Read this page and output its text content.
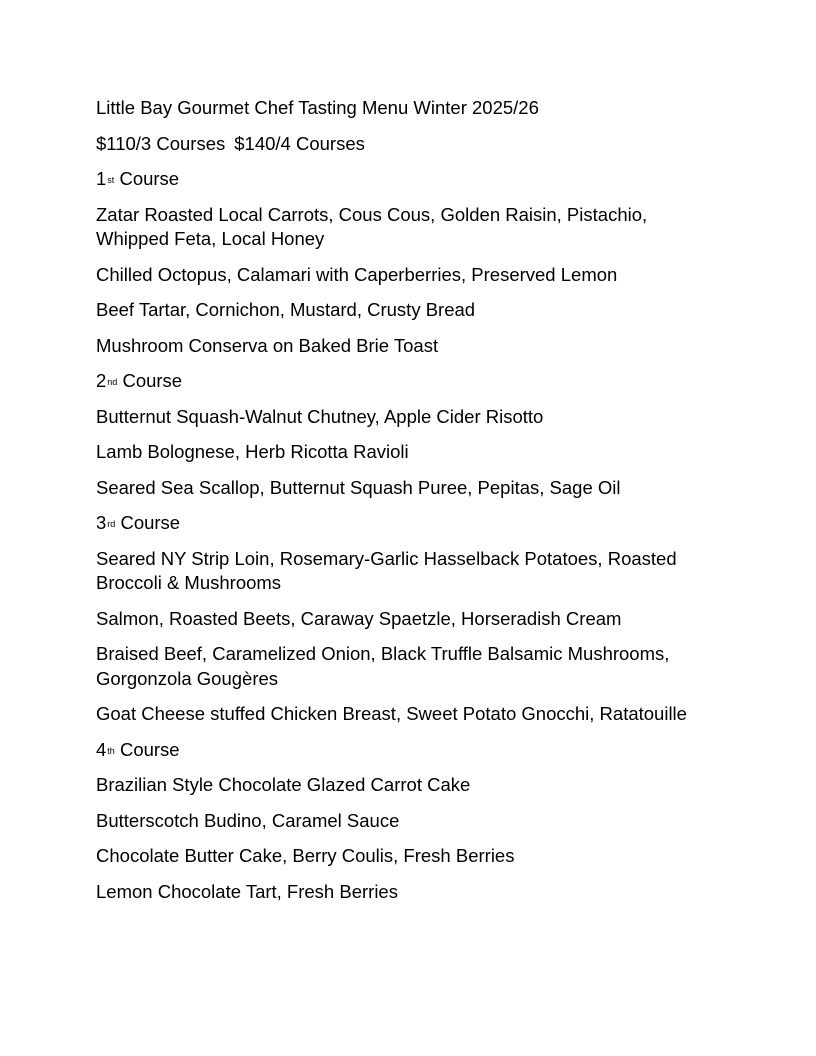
Little Bay Gourmet Chef Tasting Menu Winter 2025/26

$110/3 Courses $140/4 Courses

1st Course

Zatar Roasted Local Carrots, Cous Cous, Golden Raisin, Pistachio, Whipped Feta, Local Honey

Chilled Octopus, Calamari with Caperberries, Preserved Lemon

Beef Tartar, Cornichon, Mustard, Crusty Bread

Mushroom Conserva on Baked Brie Toast

2nd Course

Butternut Squash-Walnut Chutney, Apple Cider Risotto

Lamb Bolognese, Herb Ricotta Ravioli

Seared Sea Scallop, Butternut Squash Puree, Pepitas, Sage Oil

3rd Course

Seared NY Strip Loin, Rosemary-Garlic Hasselback Potatoes, Roasted Broccoli & Mushrooms

Salmon, Roasted Beets, Caraway Spaetzle, Horseradish Cream

Braised Beef, Caramelized Onion, Black Truffle Balsamic Mushrooms, Gorgonzola Gougères

Goat Cheese stuffed Chicken Breast, Sweet Potato Gnocchi, Ratatouille

4th Course

Brazilian Style Chocolate Glazed Carrot Cake

Butterscotch Budino, Caramel Sauce

Chocolate Butter Cake, Berry Coulis, Fresh Berries

Lemon Chocolate Tart, Fresh Berries
